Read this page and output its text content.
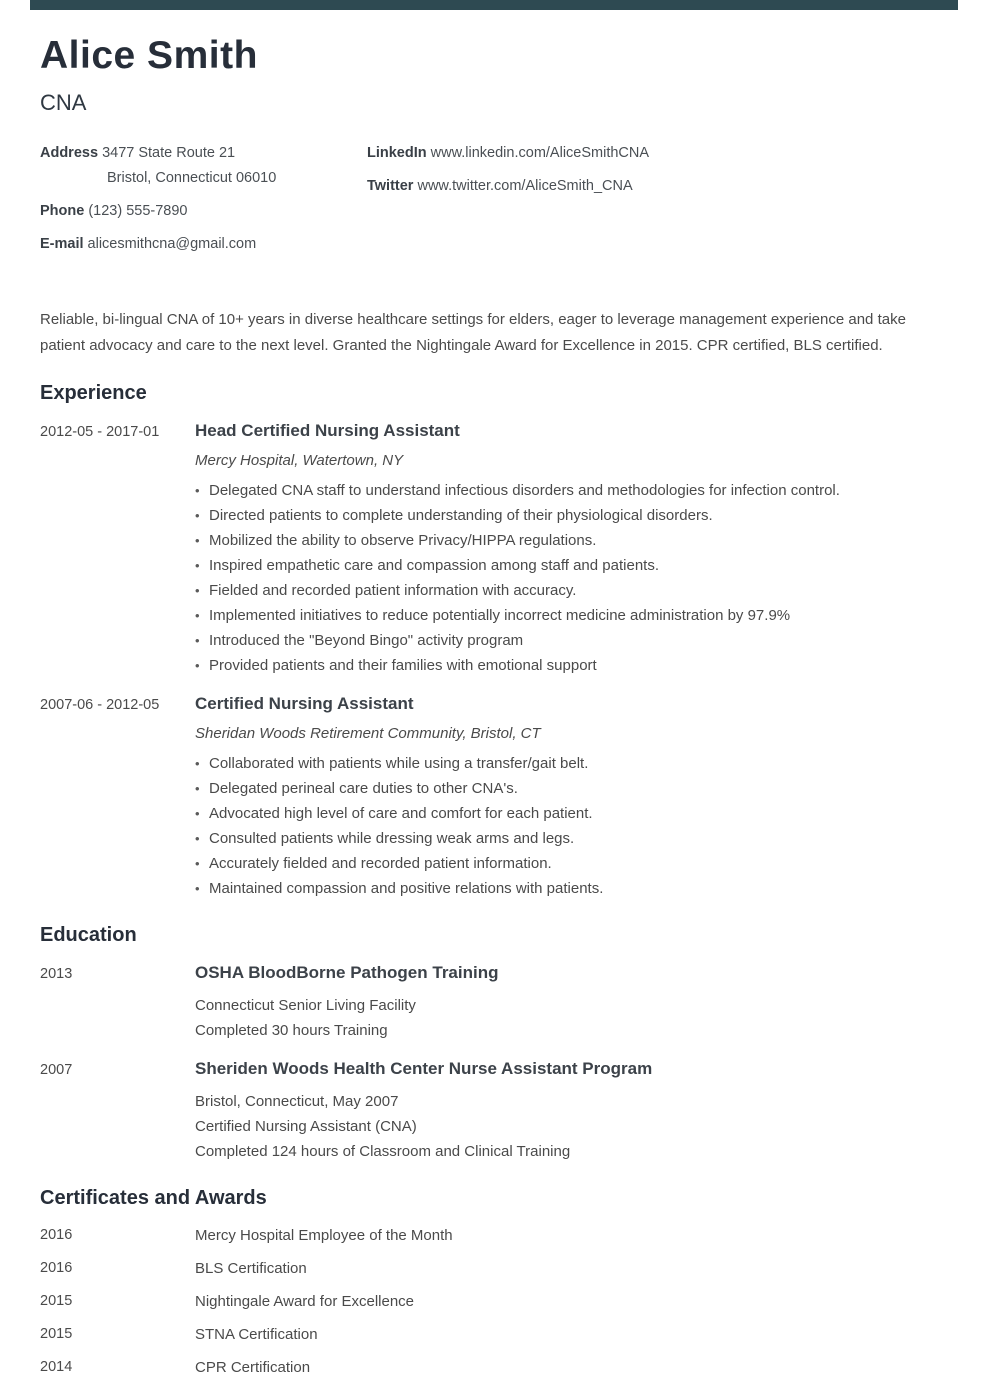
Alice Smith
CNA
Address 3477 State Route 21
Bristol, Connecticut 06010
Phone (123) 555-7890
E-mail alicesmithcna@gmail.com
LinkedIn www.linkedin.com/AliceSmithCNA
Twitter www.twitter.com/AliceSmith_CNA

Reliable, bi-lingual CNA of 10+ years in diverse healthcare settings for elders, eager to leverage management experience and take patient advocacy and care to the next level. Granted the Nightingale Award for Excellence in 2015. CPR certified, BLS certified.

Experience
2012-05 - 2017-01	Head Certified Nursing Assistant
Mercy Hospital, Watertown, NY
• Delegated CNA staff to understand infectious disorders and methodologies for infection control.
• Directed patients to complete understanding of their physiological disorders.
• Mobilized the ability to observe Privacy/HIPPA regulations.
• Inspired empathetic care and compassion among staff and patients.
• Fielded and recorded patient information with accuracy.
• Implemented initiatives to reduce potentially incorrect medicine administration by 97.9%
• Introduced the "Beyond Bingo" activity program
• Provided patients and their families with emotional support
2007-06 - 2012-05	Certified Nursing Assistant
Sheridan Woods Retirement Community, Bristol, CT
• Collaborated with patients while using a transfer/gait belt.
• Delegated perineal care duties to other CNA's.
• Advocated high level of care and comfort for each patient.
• Consulted patients while dressing weak arms and legs.
• Accurately fielded and recorded patient information.
• Maintained compassion and positive relations with patients.
Education
2013	OSHA BloodBorne Pathogen Training
Connecticut Senior Living Facility
Completed 30 hours Training
2007	Sheriden Woods Health Center Nurse Assistant Program
Bristol, Connecticut, May 2007
Certified Nursing Assistant (CNA)
Completed 124 hours of Classroom and Clinical Training
Certificates and Awards
2016	Mercy Hospital Employee of the Month
2016	BLS Certification
2015	Nightingale Award for Excellence
2015	STNA Certification
2014	CPR Certification
